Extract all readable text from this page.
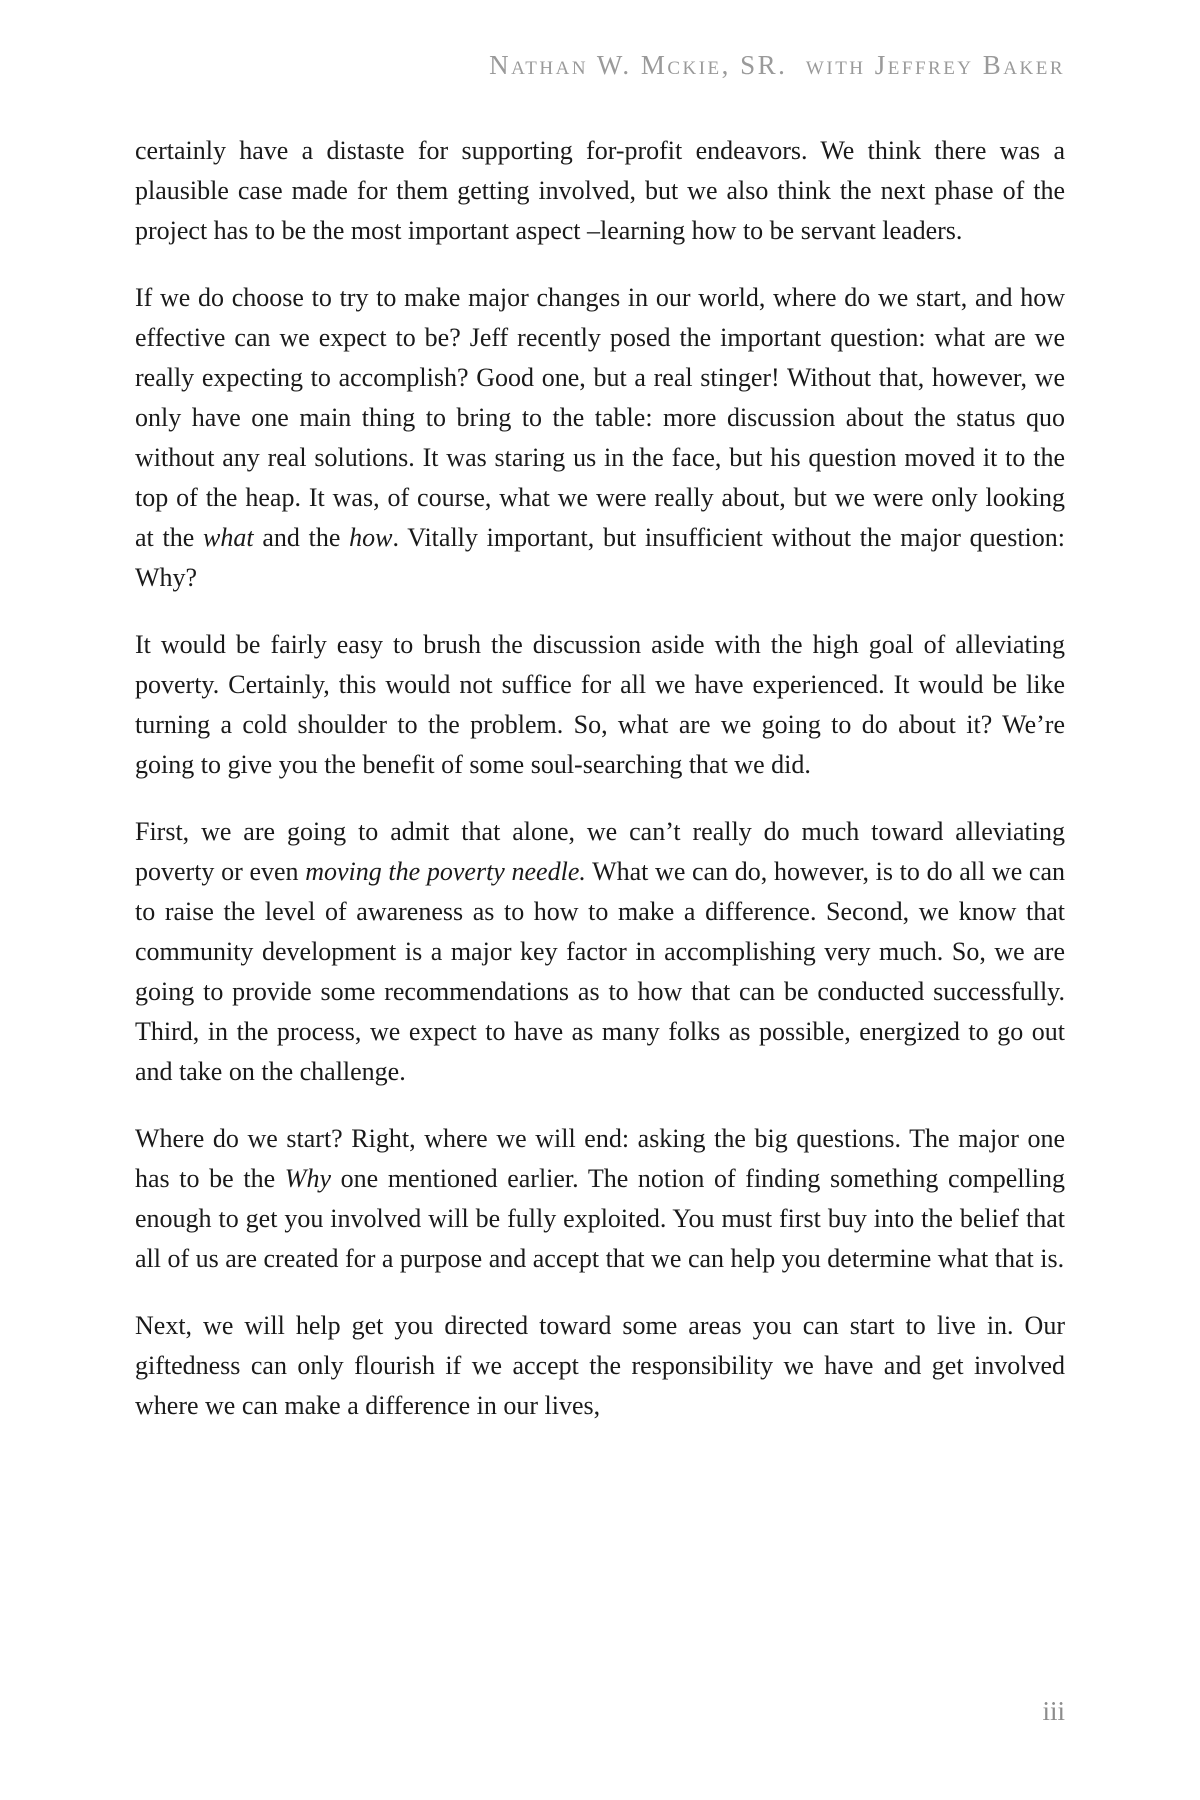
Nathan W. Mckie, SR.  with Jeffrey Baker

certainly have a distaste for supporting for-profit endeavors. We think there was a plausible case made for them getting involved, but we also think the next phase of the project has to be the most important aspect –learning how to be servant leaders.

If we do choose to try to make major changes in our world, where do we start, and how effective can we expect to be? Jeff recently posed the important question: what are we really expecting to accomplish? Good one, but a real stinger! Without that, however, we only have one main thing to bring to the table: more discussion about the status quo without any real solutions. It was staring us in the face, but his question moved it to the top of the heap. It was, of course, what we were really about, but we were only looking at the what and the how. Vitally important, but insufficient without the major question: Why?

It would be fairly easy to brush the discussion aside with the high goal of alleviating poverty. Certainly, this would not suffice for all we have experienced. It would be like turning a cold shoulder to the problem. So, what are we going to do about it? We’re going to give you the benefit of some soul-searching that we did.

First, we are going to admit that alone, we can’t really do much toward alleviating poverty or even moving the poverty needle. What we can do, however, is to do all we can to raise the level of awareness as to how to make a difference. Second, we know that community development is a major key factor in accomplishing very much. So, we are going to provide some recommendations as to how that can be conducted successfully. Third, in the process, we expect to have as many folks as possible, energized to go out and take on the challenge.

Where do we start? Right, where we will end: asking the big questions. The major one has to be the Why one mentioned earlier. The notion of finding something compelling enough to get you involved will be fully exploited. You must first buy into the belief that all of us are created for a purpose and accept that we can help you determine what that is.

Next, we will help get you directed toward some areas you can start to live in. Our giftedness can only flourish if we accept the responsibility we have and get involved where we can make a difference in our lives,

iii
